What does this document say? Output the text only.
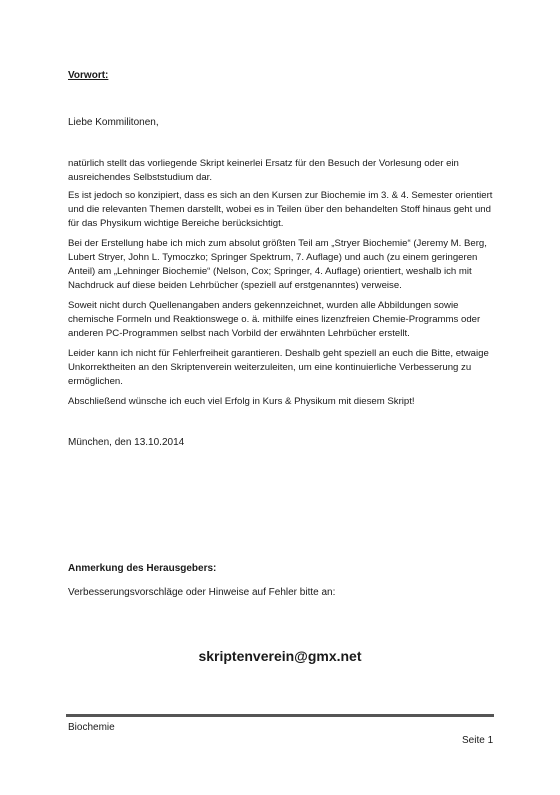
Vorwort:
Liebe Kommilitonen,
natürlich stellt das vorliegende Skript keinerlei Ersatz für den Besuch der Vorlesung oder ein ausreichendes Selbststudium dar.
Es ist jedoch so konzipiert, dass es sich an den Kursen zur Biochemie im 3. & 4. Semester orientiert und die relevanten Themen darstellt, wobei es in Teilen über den behandelten Stoff hinaus geht und für das Physikum wichtige Bereiche berücksichtigt.
Bei der Erstellung habe ich mich zum absolut größten Teil am „Stryer Biochemie“ (Jeremy M. Berg, Lubert Stryer, John L. Tymoczko; Springer Spektrum, 7. Auflage) und auch (zu einem geringeren Anteil) am „Lehninger Biochemie“ (Nelson, Cox; Springer, 4. Auflage) orientiert, weshalb ich mit Nachdruck auf diese beiden Lehrbücher (speziell auf erstgenanntes) verweise.
Soweit nicht durch Quellenangaben anders gekennzeichnet, wurden alle Abbildungen sowie chemische Formeln und Reaktionswege o. ä. mithilfe eines lizenzfreien Chemie-Programms oder anderen PC-Programmen selbst nach Vorbild der erwähnten Lehrbücher erstellt.
Leider kann ich nicht für Fehlerfreiheit garantieren. Deshalb geht speziell an euch die Bitte, etwaige Unkorrektheiten an den Skriptenverein weiterzuleiten, um eine kontinuierliche Verbesserung zu ermöglichen.
Abschließend wünsche ich euch viel Erfolg in Kurs & Physikum mit diesem Skript!
München, den 13.10.2014
Anmerkung des Herausgebers:
Verbesserungsvorschläge oder Hinweise auf Fehler bitte an:
skriptenverein@gmx.net
Biochemie
Seite 1
